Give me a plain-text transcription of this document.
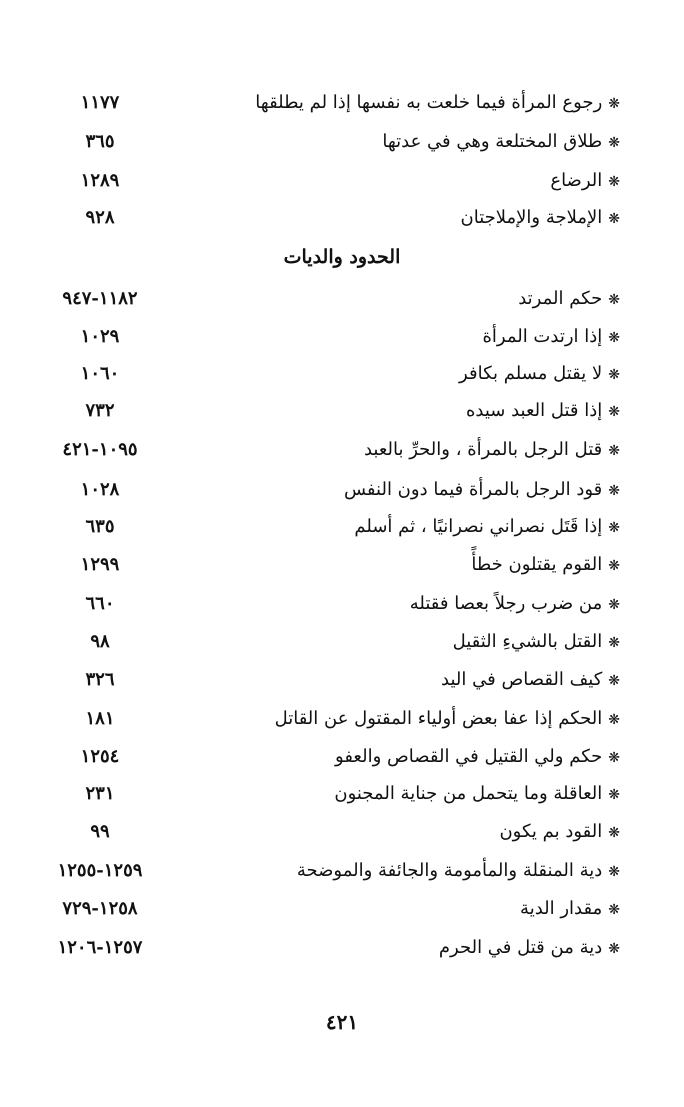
١١٧٧	❋رجوع المرأة فيما خلعت به نفسها إذا لم يطلقها
٣٦٥	❋طلاق المختلعة وهي في عدتها
١٢٨٩	❋الرضاع
٩٢٨	❋الإملاجة والإملاجتان
الحدود والديات
١١٨٢-٩٤٧	❋حكم المرتد
١٠٢٩	❋إذا ارتدت المرأة
١٠٦٠	❋لا يقتل مسلم بكافر
٧٣٢	❋إذا قتل العبد سيده
١٠٩٥-٤٢١	❋قتل الرجل بالمرأة ، والحرِّ بالعبد
١٠٢٨	❋قود الرجل بالمرأة فيما دون النفس
٦٣٥	❋إذا قَتَل نصراني نصرانيًا ، ثم أسلم
١٢٩٩	❋القوم يقتلون خطأً
٦٦٠	❋من ضرب رجلاً بعصا فقتله
٩٨	❋القتل بالشيءِ الثقيل
٣٢٦	❋كيف القصاص في اليد
١٨١	❋الحكم إذا عفا بعض أولياء المقتول عن القاتل
١٢٥٤	❋حكم ولي القتيل في القصاص والعفو
٢٣١	❋العاقلة وما يتحمل من جناية المجنون
٩٩	❋القود بم يكون
١٢٥٩-١٢٥٥	❋دية المنقلة والمأمومة والجائفة والموضحة
١٢٥٨-٧٢٩	❋مقدار الدية
١٢٥٧-١٢٠٦	❋دية من قتل في الحرم
٤٢١
